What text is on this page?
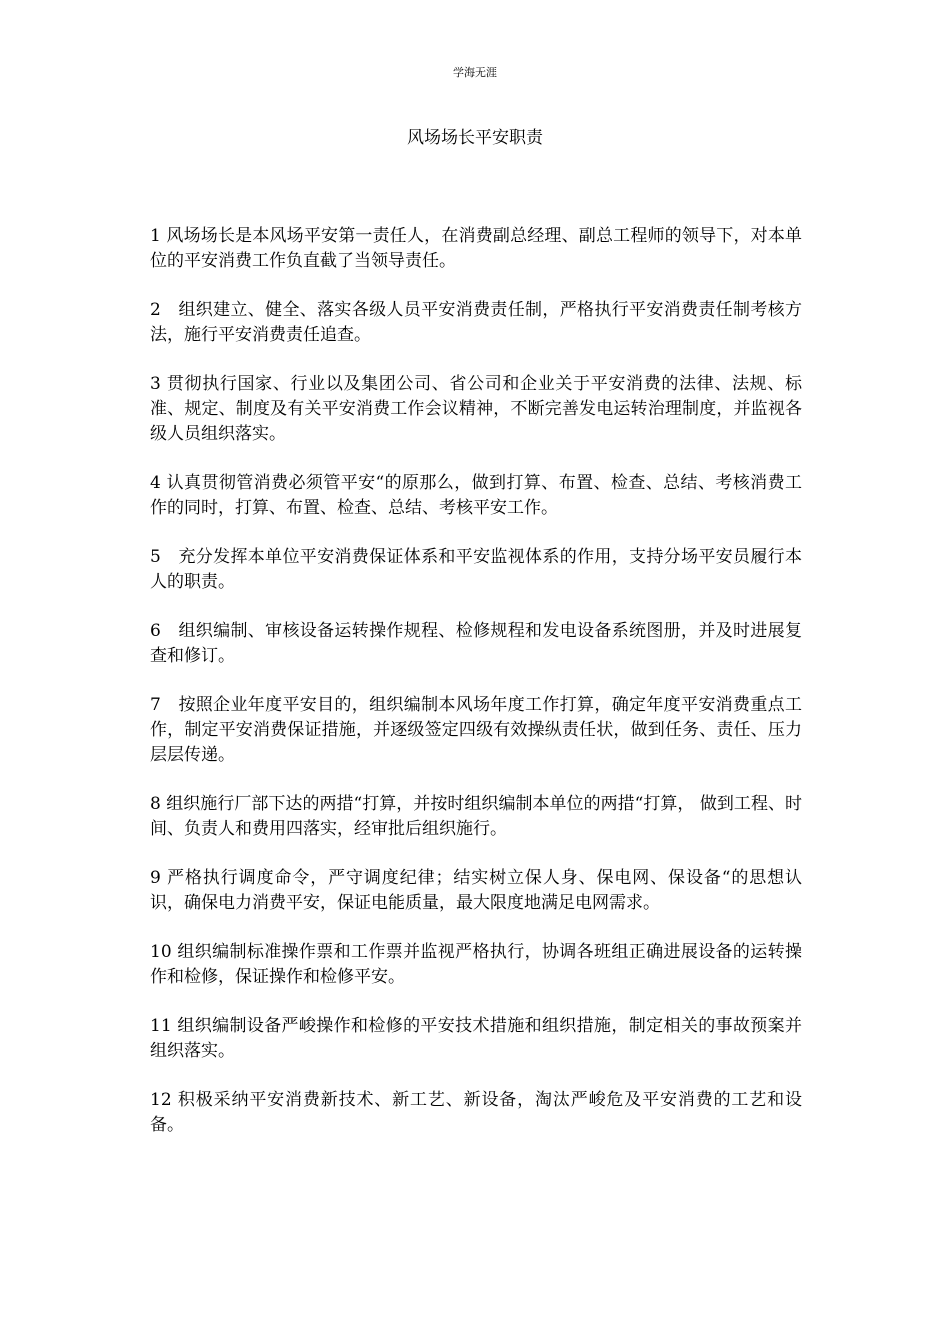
学海无涯
风场场长平安职责

1 风场场长是本风场平安第一责任人，在消费副总经理、副总工程师的领导下，对本单位的平安消费工作负直截了当领导责任。

2　组织建立、健全、落实各级人员平安消费责任制，严格执行平安消费责任制考核方法，施行平安消费责任追查。

3 贯彻执行国家、行业以及集团公司、省公司和企业关于平安消费的法律、法规、标准、规定、制度及有关平安消费工作会议精神，不断完善发电运转治理制度，并监视各级人员组织落实。

4 认真贯彻管消费必须管平安“的原那么，做到打算、布置、检查、总结、考核消费工作的同时，打算、布置、检查、总结、考核平安工作。

5　充分发挥本单位平安消费保证体系和平安监视体系的作用，支持分场平安员履行本人的职责。

6　组织编制、审核设备运转操作规程、检修规程和发电设备系统图册，并及时进展复查和修订。

7　按照企业年度平安目的，组织编制本风场年度工作打算，确定年度平安消费重点工作，制定平安消费保证措施，并逐级签定四级有效操纵责任状，做到任务、责任、压力层层传递。

8 组织施行厂部下达的两措“打算，并按时组织编制本单位的两措“打算， 做到工程、时间、负责人和费用四落实，经审批后组织施行。

9 严格执行调度命令，严守调度纪律；结实树立保人身、保电网、保设备“的思想认识，确保电力消费平安，保证电能质量，最大限度地满足电网需求。

10 组织编制标准操作票和工作票并监视严格执行，协调各班组正确进展设备的运转操作和检修，保证操作和检修平安。

11 组织编制设备严峻操作和检修的平安技术措施和组织措施，制定相关的事故预案并组织落实。

12 积极采纳平安消费新技术、新工艺、新设备，淘汰严峻危及平安消费的工艺和设备。
